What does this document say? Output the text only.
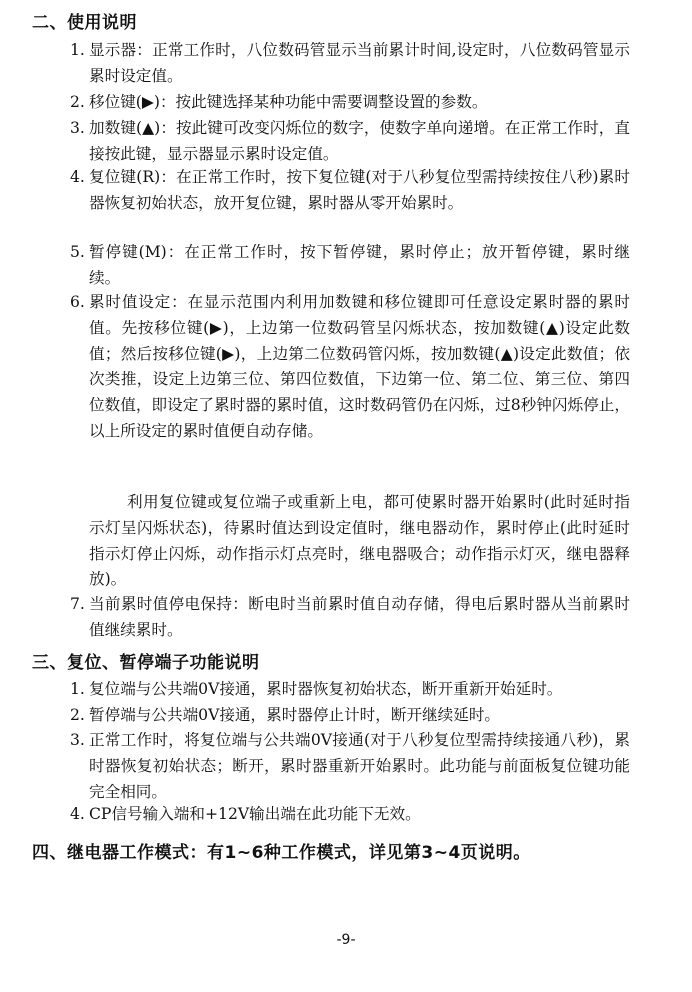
二、使用说明
1. 显示器：正常工作时，八位数码管显示当前累计时间,设定时，八位数码管显示累时设定值。
2. 移位键(▶)：按此键选择某种功能中需要调整设置的参数。
3. 加数键(▲)：按此键可改变闪烁位的数字，使数字单向递增。在正常工作时，直接按此键，显示器显示累时设定值。
4. 复位键(R)：在正常工作时，按下复位键(对于八秒复位型需持续按住八秒)累时器恢复初始状态，放开复位键，累时器从零开始累时。
5. 暂停键(M)：在正常工作时，按下暂停键，累时停止；放开暂停键，累时继续。
6. 累时值设定：在显示范围内利用加数键和移位键即可任意设定累时器的累时值。先按移位键(▶)，上边第一位数码管呈闪烁状态，按加数键(▲)设定此数值；然后按移位键(▶)，上边第二位数码管闪烁，按加数键(▲)设定此数值；依次类推，设定上边第三位、第四位数值，下边第一位、第二位、第三位、第四位数值，即设定了累时器的累时值，这时数码管仍在闪烁，过8秒钟闪烁停止，以上所设定的累时值便自动存储。
利用复位键或复位端子或重新上电，都可使累时器开始累时(此时延时指示灯呈闪烁状态)，待累时值达到设定值时，继电器动作，累时停止(此时延时指示灯停止闪烁，动作指示灯点亮时，继电器吸合；动作指示灯灭，继电器释放)。
7. 当前累时值停电保持：断电时当前累时值自动存储，得电后累时器从当前累时值继续累时。
三、复位、暂停端子功能说明
1. 复位端与公共端0V接通，累时器恢复初始状态，断开重新开始延时。
2. 暂停端与公共端0V接通，累时器停止计时，断开继续延时。
3. 正常工作时，将复位端与公共端0V接通(对于八秒复位型需持续接通八秒)，累时器恢复初始状态；断开，累时器重新开始累时。此功能与前面板复位键功能完全相同。
4. CP信号输入端和+12V输出端在此功能下无效。
四、继电器工作模式：有1~6种工作模式，详见第3~4页说明。
-9-
